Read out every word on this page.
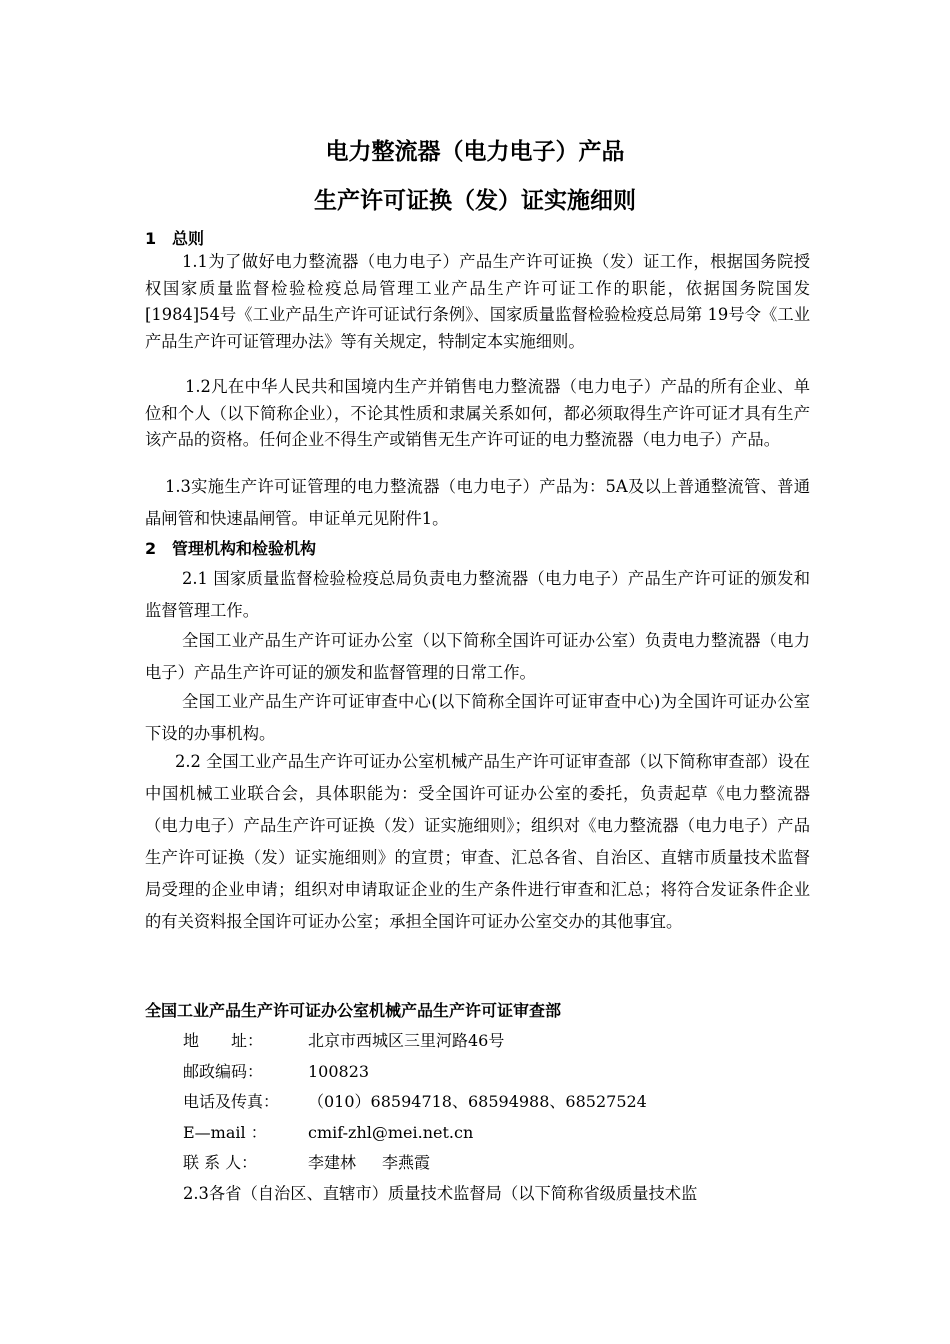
电力整流器（电力电子）产品
生产许可证换（发）证实施细则
1 总则

1.1为了做好电力整流器（电力电子）产品生产许可证换（发）证工作，根据国务院授权国家质量监督检验检疫总局管理工业产品生产许可证工作的职能，依据国务院国发[1984]54号《工业产品生产许可证试行条例》、国家质量监督检验检疫总局第 19号令《工业产品生产许可证管理办法》等有关规定，特制定本实施细则。

1.2凡在中华人民共和国境内生产并销售电力整流器（电力电子）产品的所有企业、单位和个人（以下简称企业），不论其性质和隶属关系如何，都必须取得生产许可证才具有生产该产品的资格。任何企业不得生产或销售无生产许可证的电力整流器（电力电子）产品。

1.3实施生产许可证管理的电力整流器（电力电子）产品为：5A及以上普通整流管、普通晶闸管和快速晶闸管。申证单元见附件1。

2 管理机构和检验机构

2.1 国家质量监督检验检疫总局负责电力整流器（电力电子）产品生产许可证的颁发和监督管理工作。

全国工业产品生产许可证办公室（以下简称全国许可证办公室）负责电力整流器（电力电子）产品生产许可证的颁发和监督管理的日常工作。

全国工业产品生产许可证审查中心(以下简称全国许可证审查中心)为全国许可证办公室下设的办事机构。

2.2 全国工业产品生产许可证办公室机械产品生产许可证审查部（以下简称审查部）设在中国机械工业联合会，具体职能为：受全国许可证办公室的委托，负责起草《电力整流器（电力电子）产品生产许可证换（发）证实施细则》；组织对《电力整流器（电力电子）产品生产许可证换（发）证实施细则》的宣贯；审查、汇总各省、自治区、直辖市质量技术监督局受理的企业申请；组织对申请取证企业的生产条件进行审查和汇总；将符合发证条件企业的有关资料报全国许可证办公室；承担全国许可证办公室交办的其他事宜。

全国工业产品生产许可证办公室机械产品生产许可证审查部
地　　址：	北京市西城区三里河路46号
邮政编码：	100823
电话及传真： （010）68594718、68594988、68527524
E—mail ：	cmif-zhl@mei.net.cn
联 系 人：	李建林 李燕霞

2.3各省（自治区、直辖市）质量技术监督局（以下简称省级质量技术监
